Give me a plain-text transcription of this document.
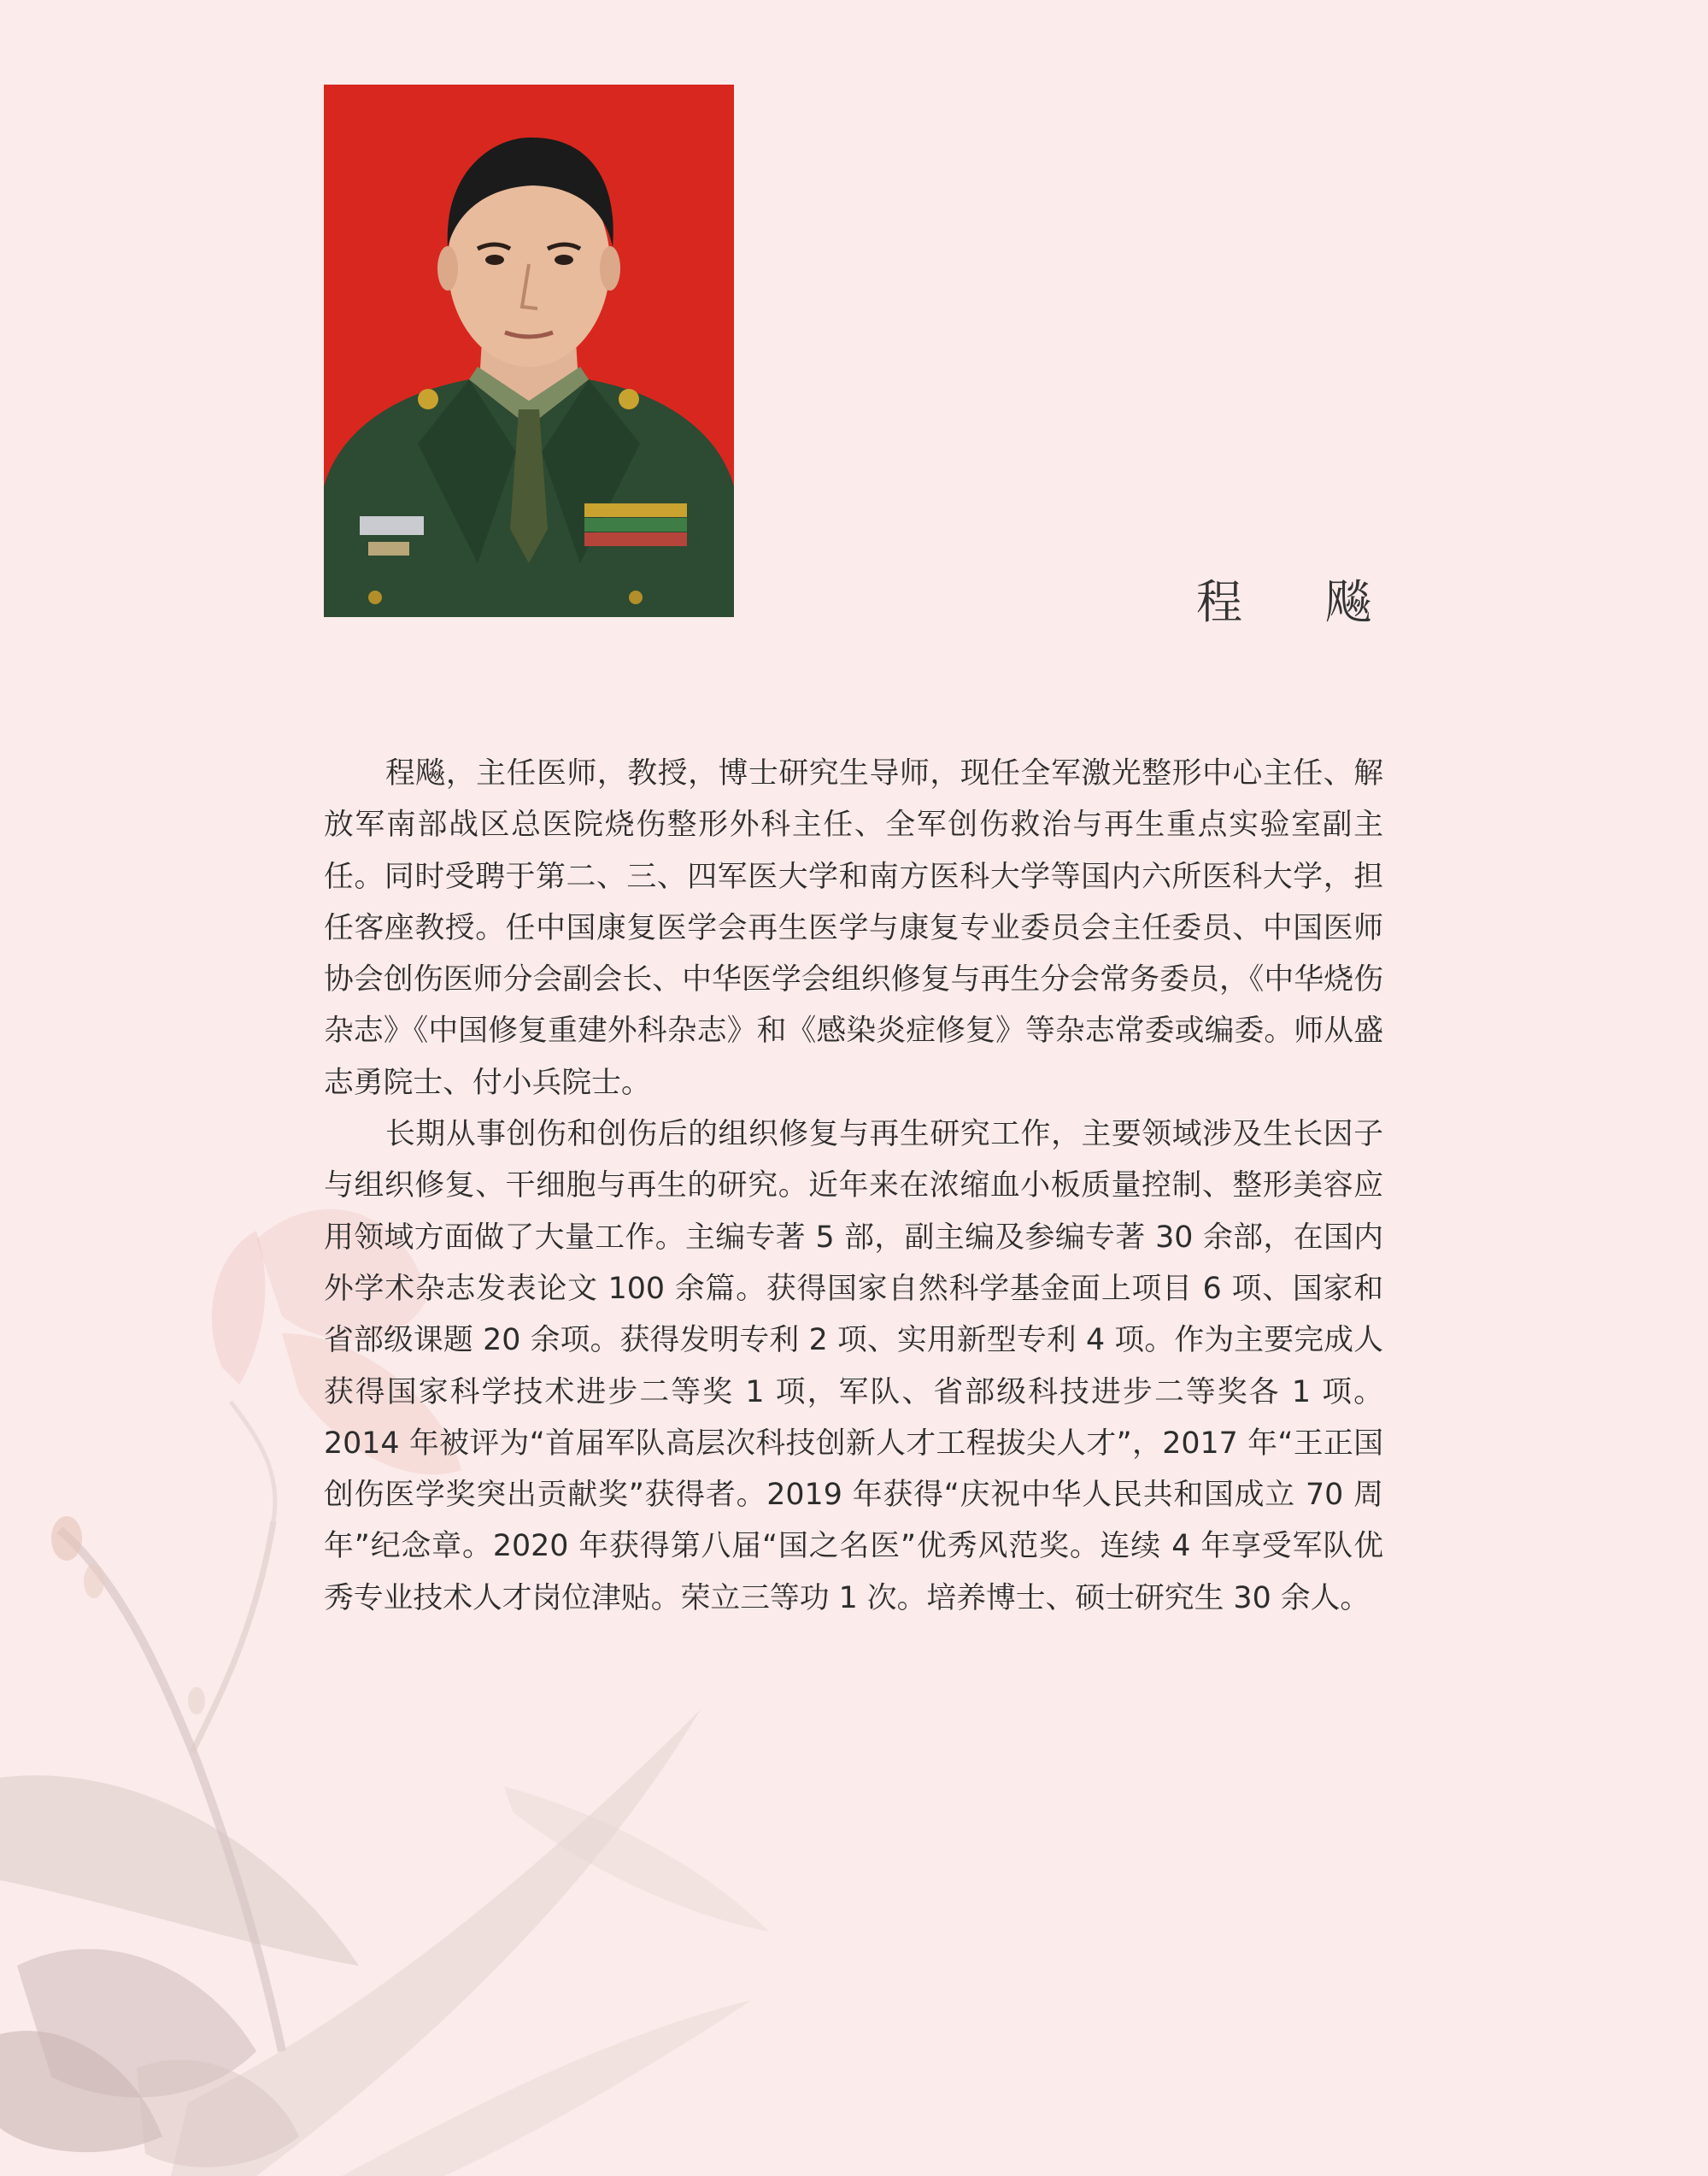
程 飚

程飚，主任医师，教授，博士研究生导师，现任全军激光整形中心主任、解放军南部战区总医院烧伤整形外科主任、全军创伤救治与再生重点实验室副主任。同时受聘于第二、三、四军医大学和南方医科大学等国内六所医科大学，担任客座教授。任中国康复医学会再生医学与康复专业委员会主任委员、中国医师协会创伤医师分会副会长、中华医学会组织修复与再生分会常务委员，《中华烧伤杂志》《中国修复重建外科杂志》和《感染炎症修复》等杂志常委或编委。师从盛志勇院士、付小兵院士。

长期从事创伤和创伤后的组织修复与再生研究工作，主要领域涉及生长因子与组织修复、干细胞与再生的研究。近年来在浓缩血小板质量控制、整形美容应用领域方面做了大量工作。主编专著 5 部，副主编及参编专著 30 余部，在国内外学术杂志发表论文 100 余篇。获得国家自然科学基金面上项目 6 项、国家和省部级课题 20 余项。获得发明专利 2 项、实用新型专利 4 项。作为主要完成人获得国家科学技术进步二等奖 1 项，军队、省部级科技进步二等奖各 1 项。2014 年被评为“首届军队高层次科技创新人才工程拔尖人才”，2017 年“王正国创伤医学奖突出贡献奖”获得者。2019 年获得“庆祝中华人民共和国成立 70 周年”纪念章。2020 年获得第八届“国之名医”优秀风范奖。连续 4 年享受军队优秀专业技术人才岗位津贴。荣立三等功 1 次。培养博士、硕士研究生 30 余人。
